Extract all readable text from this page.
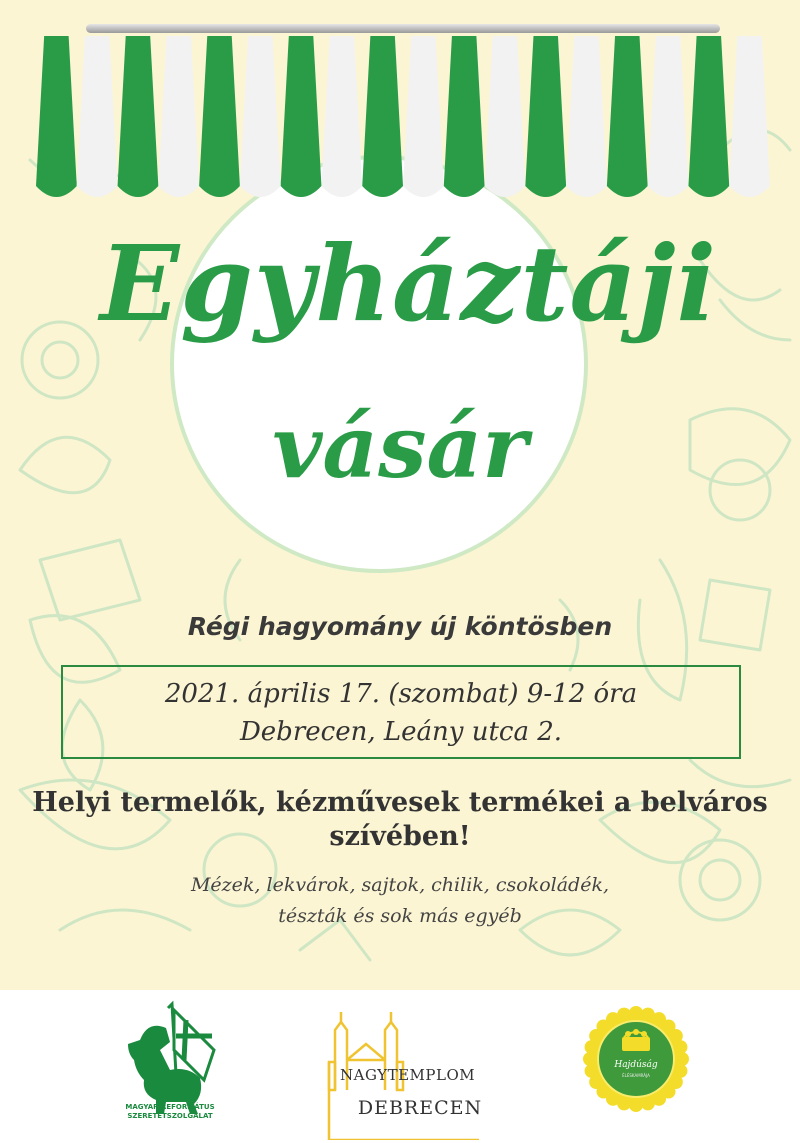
Egyháztáji
vásár

Régi hagyomány új köntösben

2021. április 17. (szombat) 9-12 óra
Debrecen, Leány utca 2.

Helyi termelők, kézművesek termékei a belváros
szívében!

Mézek, lekvárok, sajtok, chilik, csokoládék,
tészták és sok más egyéb

MAGYAR REFORMÁTUS
SZERETETSZOLGÁLAT
NAGYTEMPLOM
DEBRECEN
Hajdúság
ÉLÉSKAMRÁJA
